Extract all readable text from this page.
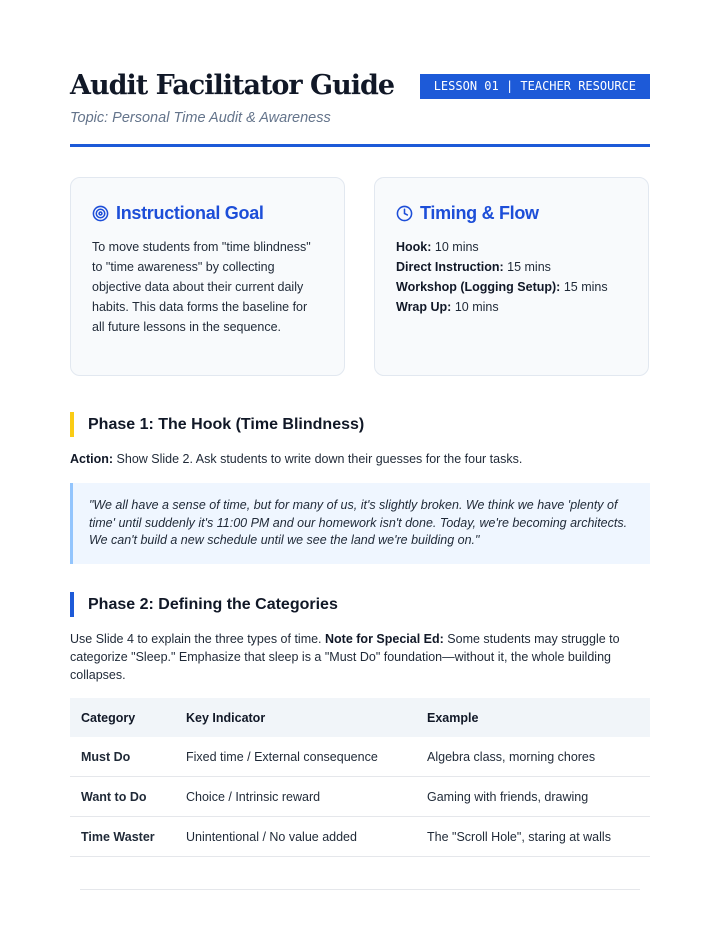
Audit Facilitator Guide
Topic: Personal Time Audit & Awareness
LESSON 01 | TEACHER RESOURCE
Instructional Goal
To move students from "time blindness" to "time awareness" by collecting objective data about their current daily habits. This data forms the baseline for all future lessons in the sequence.
Timing & Flow
Hook: 10 mins
Direct Instruction: 15 mins
Workshop (Logging Setup): 15 mins
Wrap Up: 10 mins
Phase 1: The Hook (Time Blindness)
Action: Show Slide 2. Ask students to write down their guesses for the four tasks.
"We all have a sense of time, but for many of us, it's slightly broken. We think we have 'plenty of time' until suddenly it's 11:00 PM and our homework isn't done. Today, we're becoming architects. We can't build a new schedule until we see the land we're building on."
Phase 2: Defining the Categories
Use Slide 4 to explain the three types of time. Note for Special Ed: Some students may struggle to categorize "Sleep." Emphasize that sleep is a "Must Do" foundation—without it, the whole building collapses.
Category	Key Indicator	Example
Must Do	Fixed time / External consequence	Algebra class, morning chores
Want to Do	Choice / Intrinsic reward	Gaming with friends, drawing
Time Waster	Unintentional / No value added	The "Scroll Hole", staring at walls
